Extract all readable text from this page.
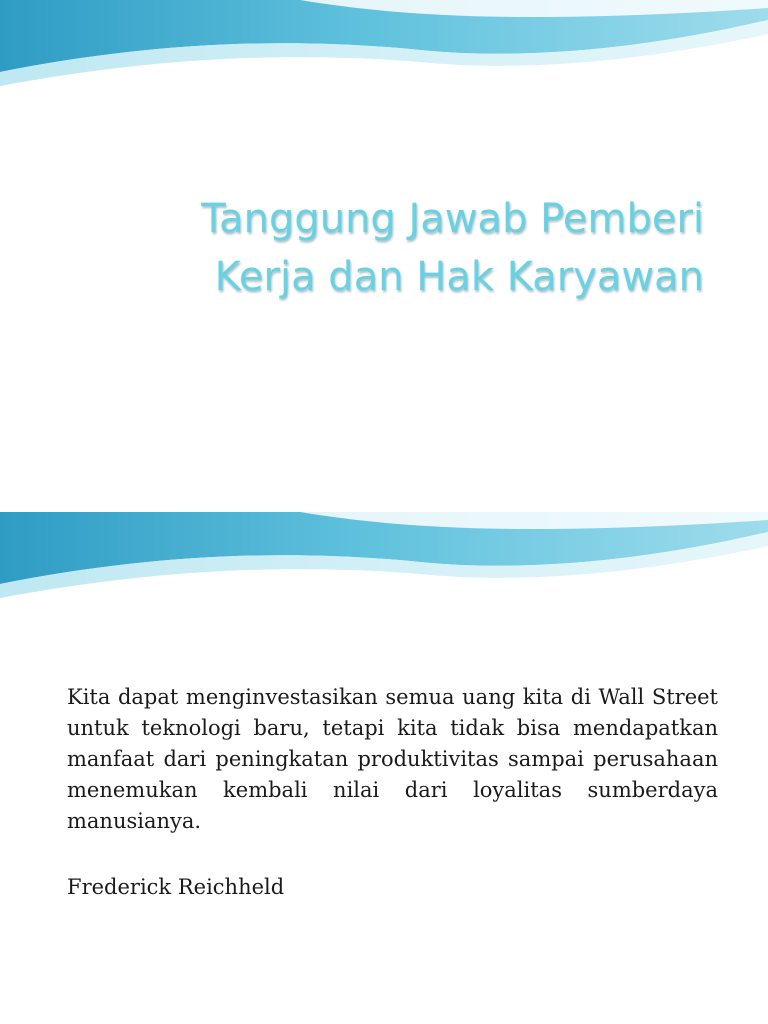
Tanggung Jawab Pemberi
Kerja dan Hak Karyawan

Kita dapat menginvestasikan semua uang kita di Wall Street untuk teknologi baru, tetapi kita tidak bisa mendapatkan manfaat dari peningkatan produktivitas sampai perusahaan menemukan kembali nilai dari loyalitas sumberdaya manusianya.

Frederick Reichheld
